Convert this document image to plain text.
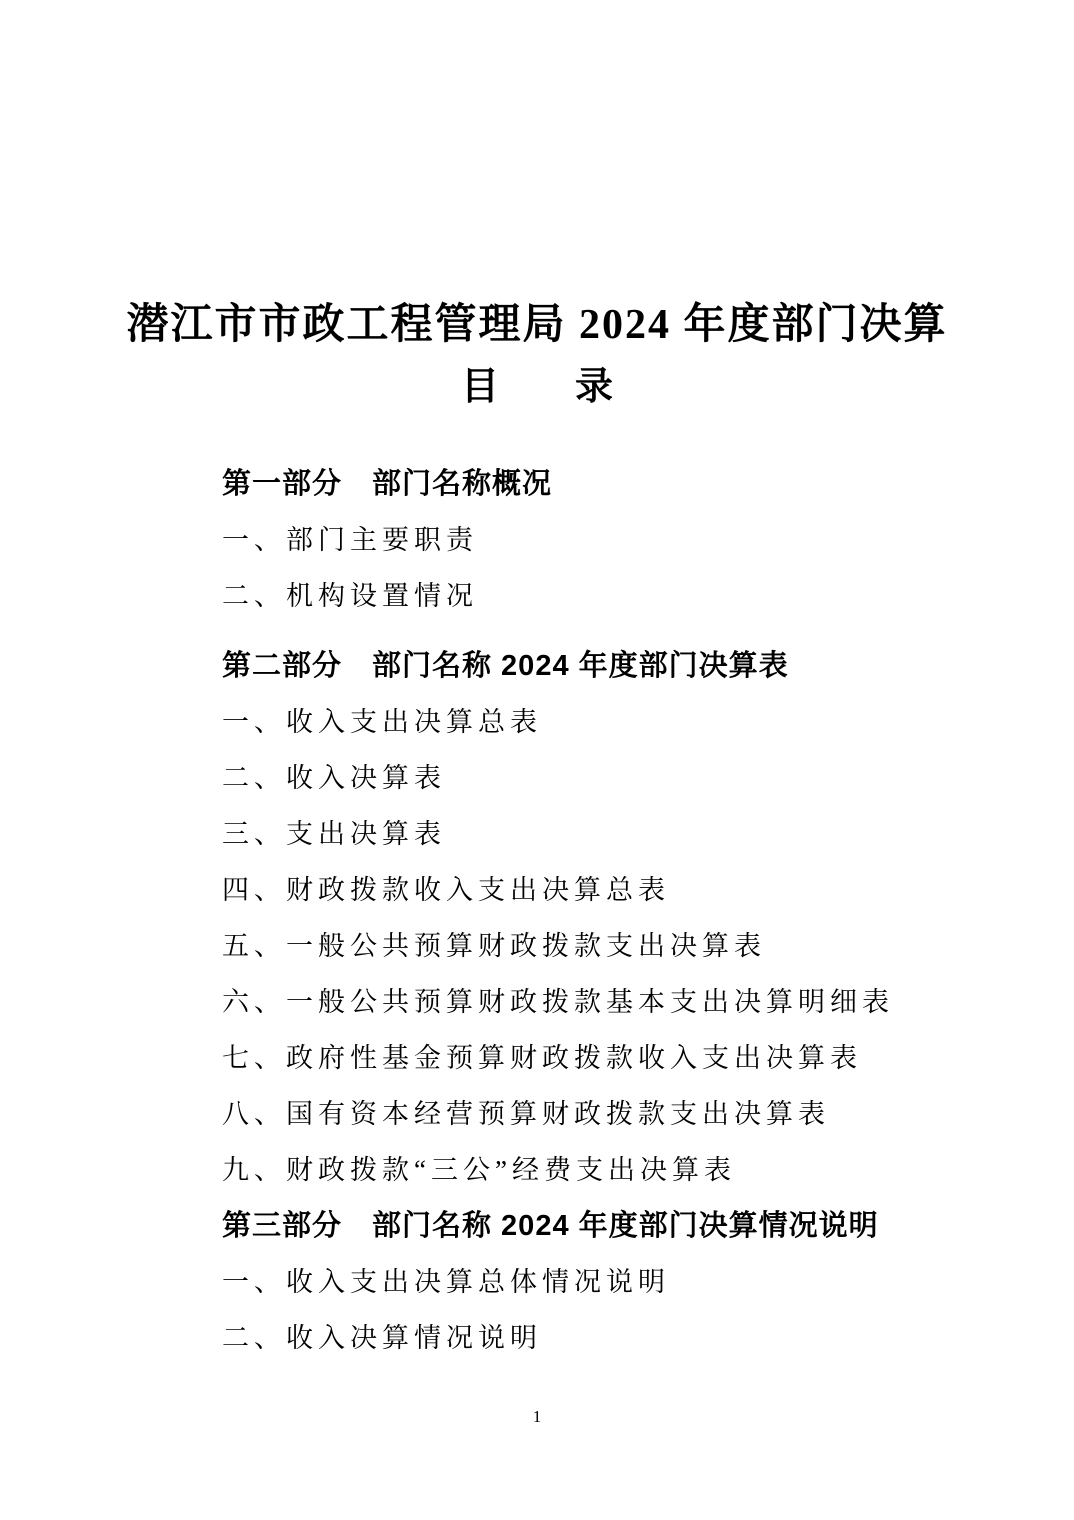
潜江市市政工程管理局 2024 年度部门决算
目　　录
第一部分　部门名称概况
一、部门主要职责
二、机构设置情况
第二部分　部门名称 2024 年度部门决算表
一、收入支出决算总表
二、收入决算表
三、支出决算表
四、财政拨款收入支出决算总表
五、一般公共预算财政拨款支出决算表
六、一般公共预算财政拨款基本支出决算明细表
七、政府性基金预算财政拨款收入支出决算表
八、国有资本经营预算财政拨款支出决算表
九、财政拨款“三公”经费支出决算表
第三部分　部门名称 2024 年度部门决算情况说明
一、收入支出决算总体情况说明
二、收入决算情况说明
1
